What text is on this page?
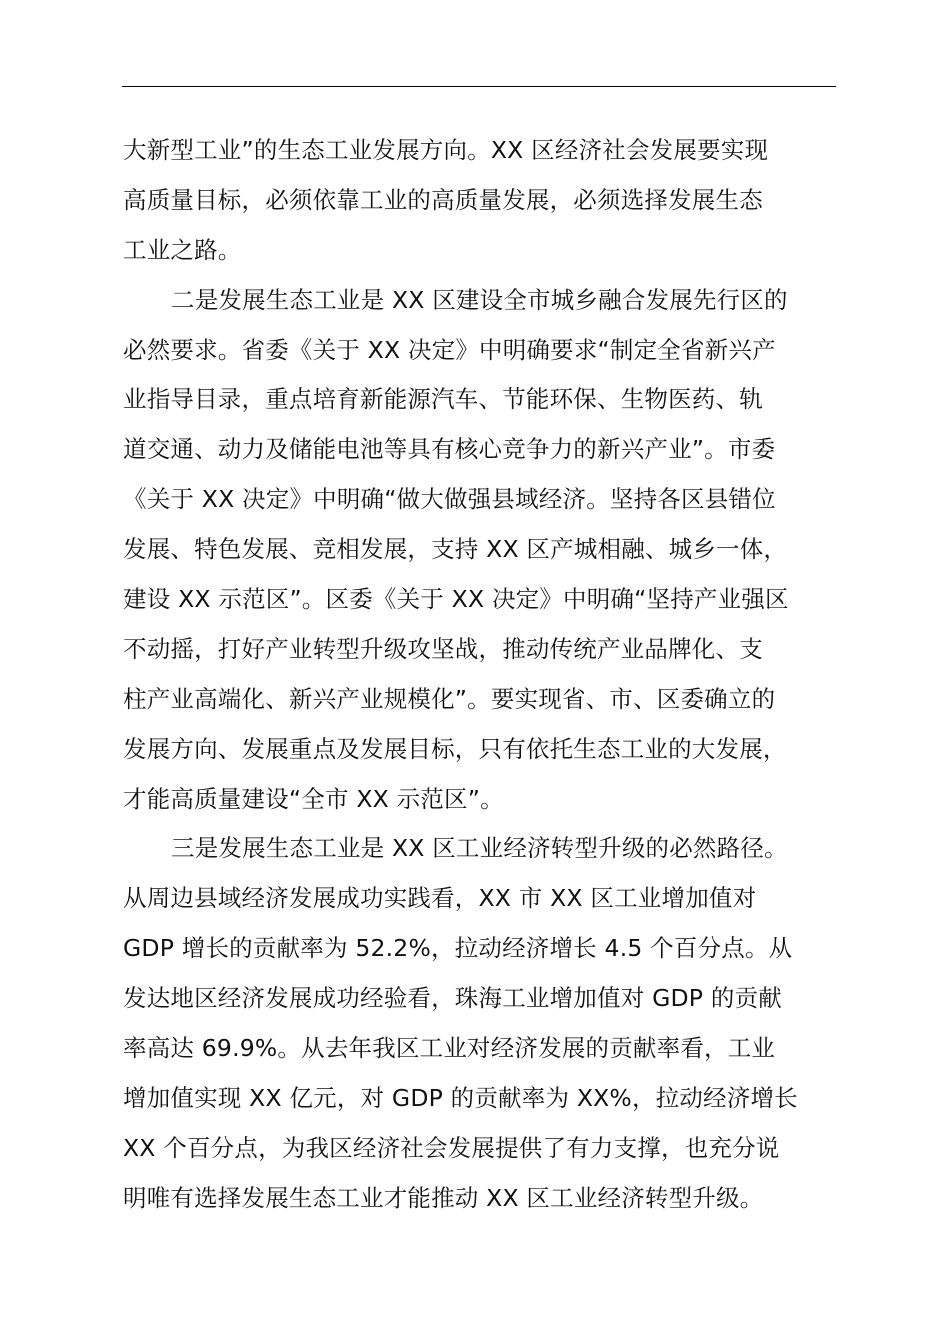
大新型工业”的生态工业发展方向。XX 区经济社会发展要实现
高质量目标，必须依靠工业的高质量发展，必须选择发展生态
工业之路。
二是发展生态工业是 XX 区建设全市城乡融合发展先行区的
必然要求。省委《关于 XX 决定》中明确要求“制定全省新兴产
业指导目录，重点培育新能源汽车、节能环保、生物医药、轨
道交通、动力及储能电池等具有核心竞争力的新兴产业”。市委
《关于 XX 决定》中明确“做大做强县域经济。坚持各区县错位
发展、特色发展、竞相发展，支持 XX 区产城相融、城乡一体，
建设 XX 示范区”。区委《关于 XX 决定》中明确“坚持产业强区
不动摇，打好产业转型升级攻坚战，推动传统产业品牌化、支
柱产业高端化、新兴产业规模化”。要实现省、市、区委确立的
发展方向、发展重点及发展目标，只有依托生态工业的大发展，
才能高质量建设“全市 XX 示范区”。
三是发展生态工业是 XX 区工业经济转型升级的必然路径。
从周边县域经济发展成功实践看，XX 市 XX 区工业增加值对
GDP 增长的贡献率为 52.2%，拉动经济增长 4.5 个百分点。从
发达地区经济发展成功经验看，珠海工业增加值对 GDP 的贡献
率高达 69.9%。从去年我区工业对经济发展的贡献率看，工业
增加值实现 XX 亿元，对 GDP 的贡献率为 XX%，拉动经济增长
XX 个百分点，为我区经济社会发展提供了有力支撑，也充分说
明唯有选择发展生态工业才能推动 XX 区工业经济转型升级。
